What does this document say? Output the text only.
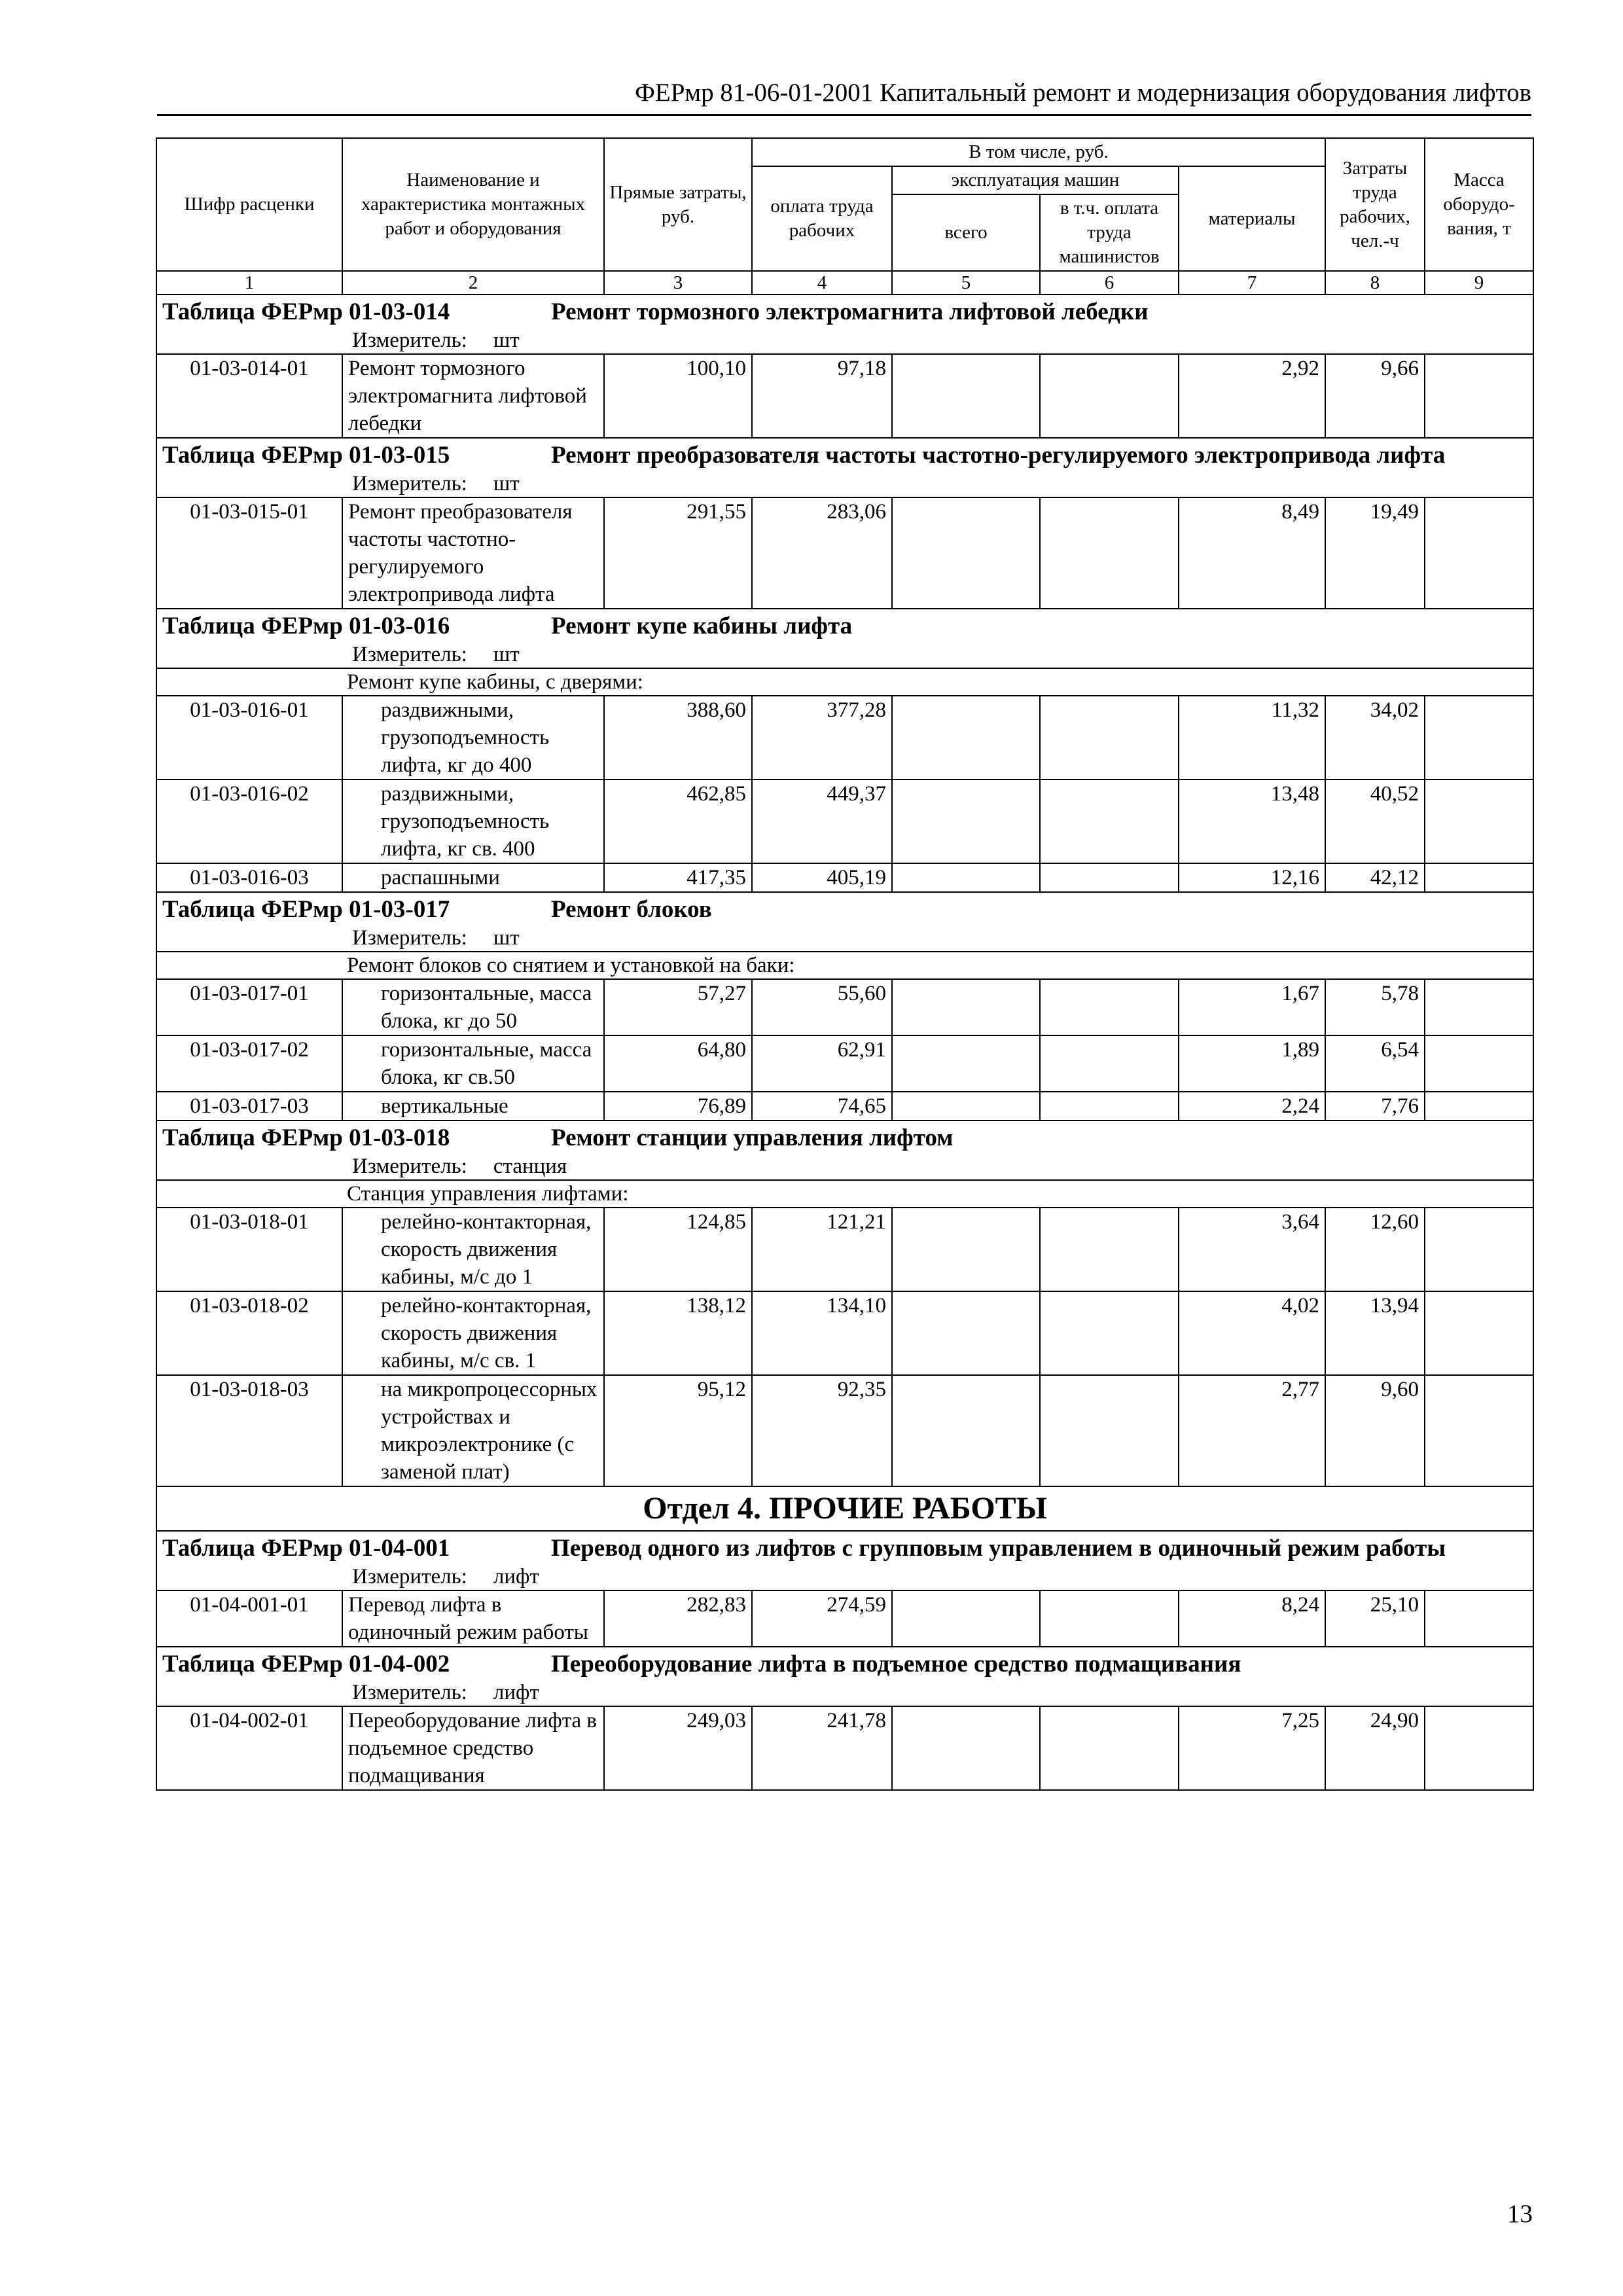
ФЕРмр 81-06-01-2001 Капитальный ремонт и модернизация оборудования лифтов
Шифр расценки	Наименование и характеристика монтажных работ и оборудования	Прямые затраты, руб.	В том числе, руб.				Затраты труда рабочих, чел.-ч	Масса оборудо-вания, т
			оплата труда рабочих	эксплуатация машин		материалы		
				всего	в т.ч. оплата труда машинистов			
1	2	3	4	5	6	7	8	9
Таблица ФЕРмр 01-03-014 Ремонт тормозного электромагнита лифтовой лебедки								

Измеритель: шт								

01-03-014-01	Ремонт тормозного электромагнита лифтовой лебедки	100,10	97,18			2,92	9,66	
Таблица ФЕРмр 01-03-015 Ремонт преобразователя частоты частотно-регулируемого электропривода лифта								

Измеритель: шт								

01-03-015-01	Ремонт преобразователя частоты частотно-регулируемого электропривода лифта	291,55	283,06			8,49	19,49	
Таблица ФЕРмр 01-03-016 Ремонт купе кабины лифта								

Измеритель: шт								

Ремонт купе кабины, с дверями:								
01-03-016-01	раздвижными, грузоподъемность лифта, кг до 400	388,60	377,28			11,32	34,02	
01-03-016-02	раздвижными, грузоподъемность лифта, кг св. 400	462,85	449,37			13,48	40,52	
01-03-016-03	распашными	417,35	405,19			12,16	42,12	
Таблица ФЕРмр 01-03-017 Ремонт блоков								

Измеритель: шт								

Ремонт блоков со снятием и установкой на баки:								
01-03-017-01	горизонтальные, масса блока, кг до 50	57,27	55,60			1,67	5,78	
01-03-017-02	горизонтальные, масса блока, кг св.50	64,80	62,91			1,89	6,54	
01-03-017-03	вертикальные	76,89	74,65			2,24	7,76	
Таблица ФЕРмр 01-03-018 Ремонт станции управления лифтом								

Измеритель: станция								

Станция управления лифтами:								
01-03-018-01	релейно-контакторная, скорость движения кабины, м/с до 1	124,85	121,21			3,64	12,60	
01-03-018-02	релейно-контакторная, скорость движения кабины, м/с св. 1	138,12	134,10			4,02	13,94	
01-03-018-03	на микропроцессорных устройствах и микроэлектронике (с заменой плат)	95,12	92,35			2,77	9,60	
Отдел 4. ПРОЧИЕ РАБОТЫ								
Таблица ФЕРмр 01-04-001 Перевод одного из лифтов с групповым управлением в одиночный режим работы								

Измеритель: лифт								

01-04-001-01	Перевод лифта в одиночный режим работы	282,83	274,59			8,24	25,10	
Таблица ФЕРмр 01-04-002 Переоборудование лифта в подъемное средство подмащивания								

Измеритель: лифт								

01-04-002-01	Переоборудование лифта в подъемное средство подмащивания	249,03	241,78			7,25	24,90	
13
